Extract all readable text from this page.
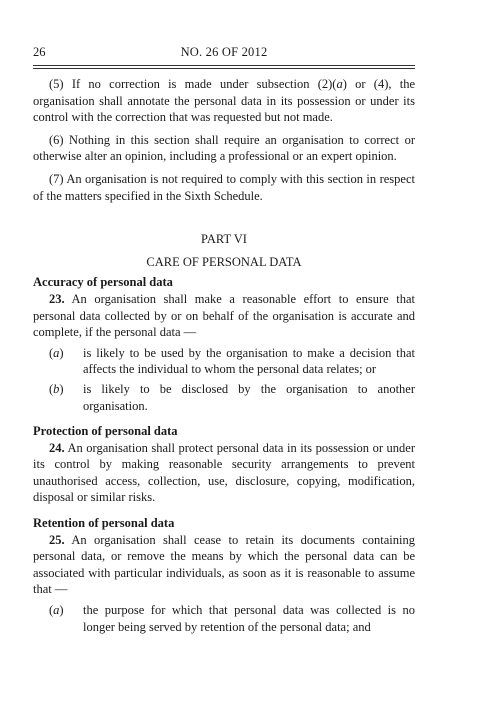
26	NO. 26 OF 2012

(5) If no correction is made under subsection (2)(a) or (4), the organisation shall annotate the personal data in its possession or under its control with the correction that was requested but not made.

(6) Nothing in this section shall require an organisation to correct or otherwise alter an opinion, including a professional or an expert opinion.

(7) An organisation is not required to comply with this section in respect of the matters specified in the Sixth Schedule.

PART VI

CARE OF PERSONAL DATA

Accuracy of personal data

23. An organisation shall make a reasonable effort to ensure that personal data collected by or on behalf of the organisation is accurate and complete, if the personal data —

(a)	is likely to be used by the organisation to make a decision that affects the individual to whom the personal data relates; or
(b)	is likely to be disclosed by the organisation to another organisation.

Protection of personal data

24. An organisation shall protect personal data in its possession or under its control by making reasonable security arrangements to prevent unauthorised access, collection, use, disclosure, copying, modification, disposal or similar risks.

Retention of personal data

25. An organisation shall cease to retain its documents containing personal data, or remove the means by which the personal data can be associated with particular individuals, as soon as it is reasonable to assume that —

(a)	the purpose for which that personal data was collected is no longer being served by retention of the personal data; and
